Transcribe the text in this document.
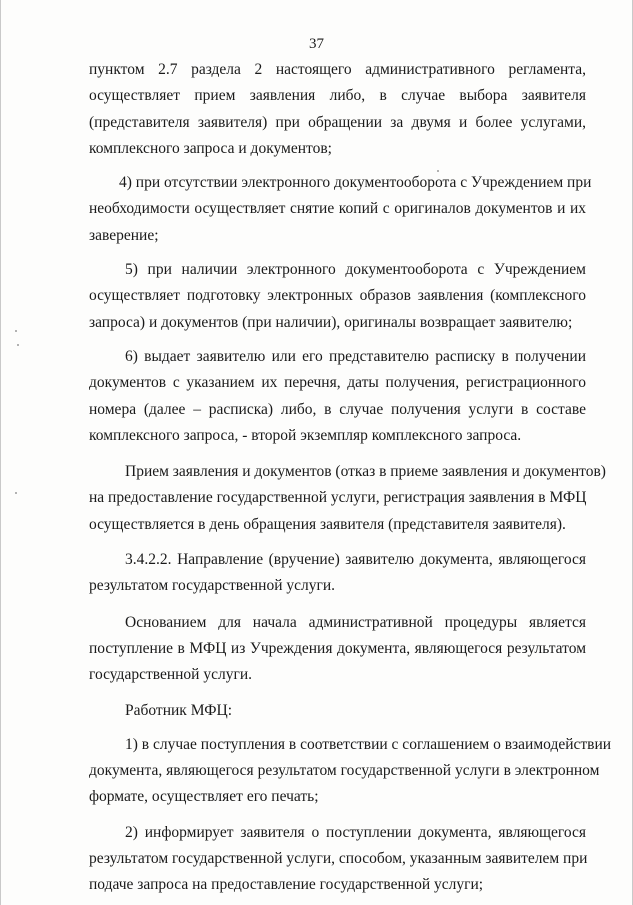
37
пунктом 2.7 раздела 2 настоящего административного регламента,
осуществляет прием заявления либо, в случае выбора заявителя
(представителя заявителя) при обращении за двумя и более услугами,
комплексного запроса и документов;
4) при отсутствии электронного документооборота с Учреждением при
необходимости осуществляет снятие копий с оригиналов документов и их
заверение;
5) при наличии электронного документооборота с Учреждением
осуществляет подготовку электронных образов заявления (комплексного
запроса) и документов (при наличии), оригиналы возвращает заявителю;
6) выдает заявителю или его представителю расписку в получении
документов с указанием их перечня, даты получения, регистрационного
номера (далее – расписка) либо, в случае получения услуги в составе
комплексного запроса, - второй экземпляр комплексного запроса.
Прием заявления и документов (отказ в приеме заявления и документов)
на предоставление государственной услуги, регистрация заявления в МФЦ
осуществляется в день обращения заявителя (представителя заявителя).
3.4.2.2. Направление (вручение) заявителю документа, являющегося
результатом государственной услуги.
Основанием для начала административной процедуры является
поступление в МФЦ из Учреждения документа, являющегося результатом
государственной услуги.
Работник МФЦ:
1) в случае поступления в соответствии с соглашением о взаимодействии
документа, являющегося результатом государственной услуги в электронном
формате, осуществляет его печать;
2) информирует заявителя о поступлении документа, являющегося
результатом государственной услуги, способом, указанным заявителем при
подаче запроса на предоставление государственной услуги;
